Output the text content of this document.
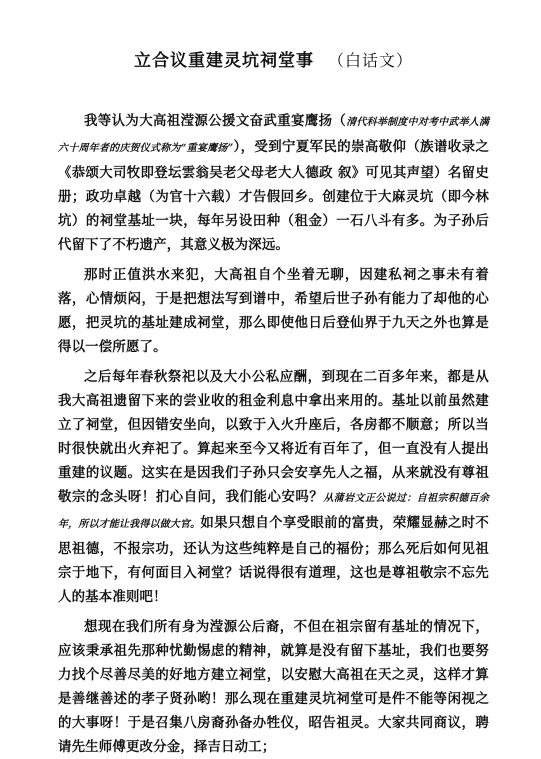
立合议重建灵坑祠堂事 （白话文）

我等认为大高祖滢源公援文奋武重宴鹰扬（清代科举制度中对考中武举人满六十周年者的庆贺仪式称为“重宴鹰扬”），受到宁夏军民的崇高敬仰（族谱收录之《恭颂大司牧即登坛雲翁吴老父母老大人德政 叙》可见其声望）名留史册；政功卓越（为官十六载）才告假回乡。创建位于大麻灵坑（即今林坑）的祠堂基址一块，每年另设田种（租金）一石八斗有多。为子孙后代留下了不朽遗产，其意义极为深远。

那时正值洪水来犯，大高祖自个坐着无聊，因建私祠之事未有着落，心情烦闷，于是把想法写到谱中，希望后世子孙有能力了却他的心愿，把灵坑的基址建成祠堂，那么即使他日后登仙界于九天之外也算是得以一偿所愿了。

之后每年春秋祭祀以及大小公私应酬，到现在二百多年来，都是从我大高祖遗留下来的尝业收的租金利息中拿出来用的。基址以前虽然建立了祠堂，但因错安坐向，以致于入火升座后，各房都不顺意；所以当时很快就出火弃祀了。算起来至今又将近有百年了，但一直没有人提出重建的议题。这实在是因我们子孙只会安享先人之福，从来就没有尊祖敬宗的念头呀！扪心自问，我们能心安吗？从蒲岩文正公说过：自祖宗积德百余年，所以才能让我得以做大官。如果只想自个享受眼前的富贵，荣耀显赫之时不思祖德，不报宗功，还认为这些纯粹是自己的福份；那么死后如何见祖宗于地下，有何面目入祠堂？话说得很有道理，这也是尊祖敬宗不忘先人的基本准则吧！

想现在我们所有身为滢源公后裔，不但在祖宗留有基址的情况下，应该秉承祖先那种忧勤惕虑的精神，就算是没有留下基址，我们也要努力找个尽善尽美的好地方建立祠堂，以安慰大高祖在天之灵，这样才算是善继善述的孝子贤孙哟！那么现在重建灵坑祠堂可是件不能等闲视之的大事呀！于是召集八房裔孙备办牲仪，昭告祖灵。大家共同商议，聘请先生师傅更改分金，择吉日动工；
